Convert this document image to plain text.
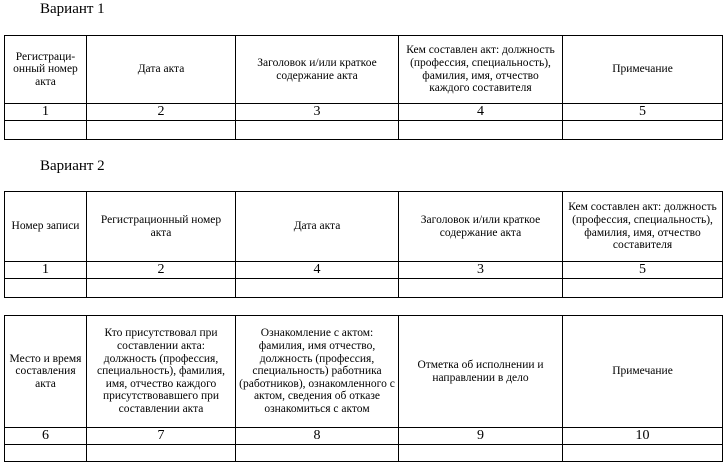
Вариант 1
Регистраци-онный номер акта	Дата акта	Заголовок и/или краткое содержание акта	Кем составлен акт: должность (профессия, специальность), фамилия, имя, отчество каждого составителя	Примечание
1	2	3	4	5

Вариант 2
Номер записи	Регистрационный номер акта	Дата акта	Заголовок и/или краткое содержание акта	Кем составлен акт: должность (профессия, специальность), фамилия, имя, отчество составителя
1	2	4	3	5

Место и время составления акта	Кто присутствовал при составлении акта: должность (профессия, специальность), фамилия, имя, отчество каждого присутствовавшего при составлении акта	Ознакомление с актом: фамилия, имя отчество, должность (профессия, специальность) работника (работников), ознакомленного с актом, сведения об отказе ознакомиться с актом	Отметка об исполнении и направлении в дело	Примечание
6	7	8	9	10
